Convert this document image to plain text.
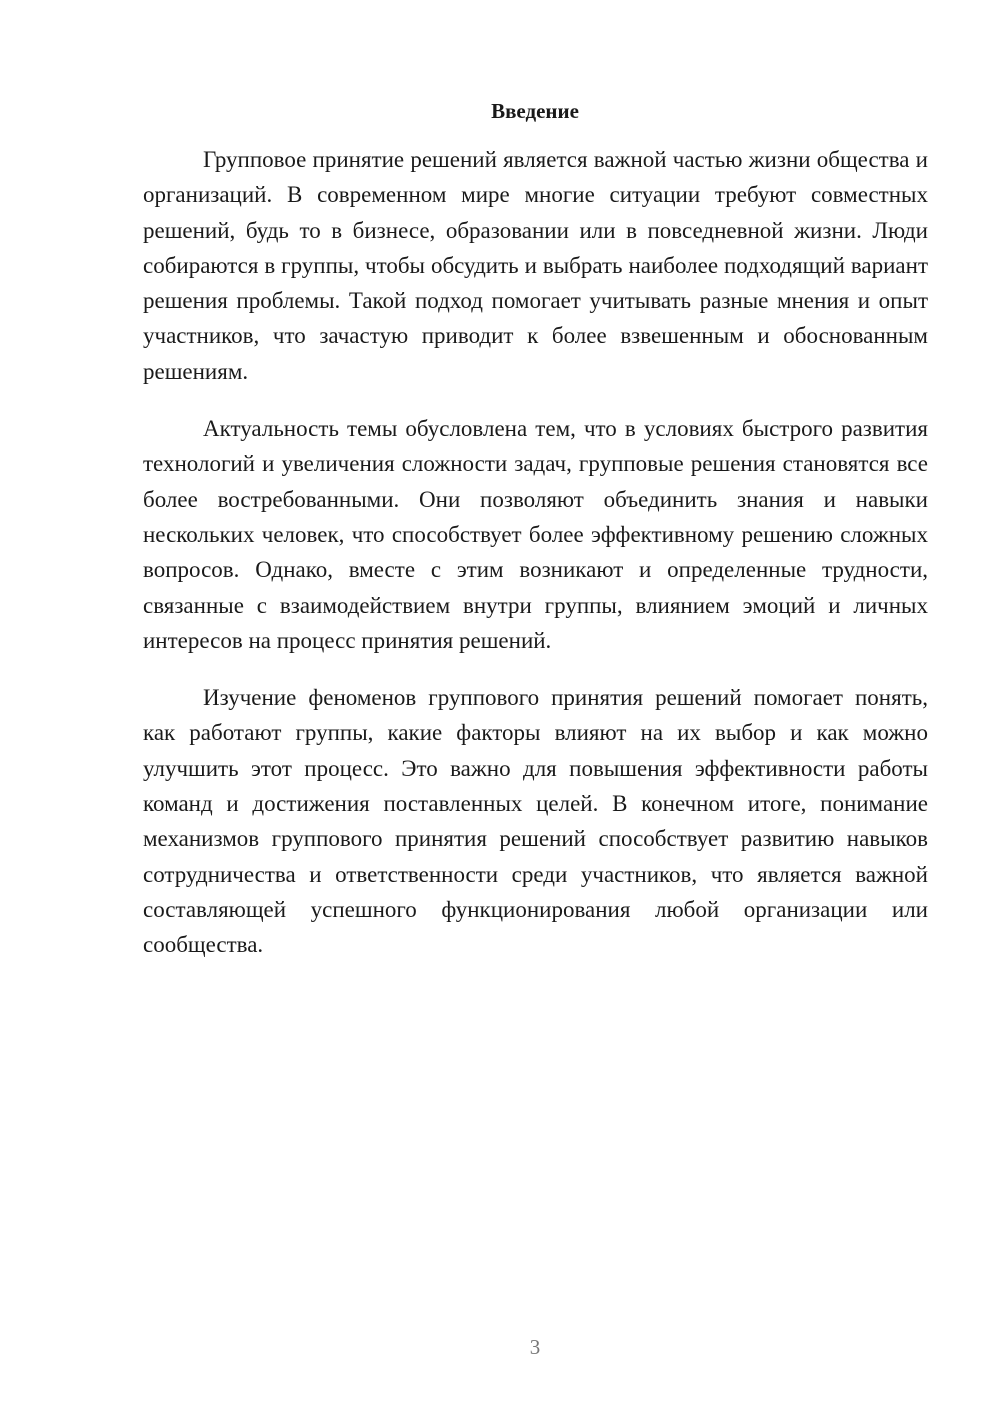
Введение

Групповое принятие решений является важной частью жизни общества и организаций. В современном мире многие ситуации требуют совместных решений, будь то в бизнесе, образовании или в повседневной жизни. Люди собираются в группы, чтобы обсудить и выбрать наиболее подходящий вариант решения проблемы. Такой подход помогает учитывать разные мнения и опыт участников, что зачастую приводит к более взвешенным и обоснованным решениям.

Актуальность темы обусловлена тем, что в условиях быстрого развития технологий и увеличения сложности задач, групповые решения становятся все более востребованными. Они позволяют объединить знания и навыки нескольких человек, что способствует более эффективному решению сложных вопросов. Однако, вместе с этим возникают и определенные трудности, связанные с взаимодействием внутри группы, влиянием эмоций и личных интересов на процесс принятия решений.

Изучение феноменов группового принятия решений помогает понять, как работают группы, какие факторы влияют на их выбор и как можно улучшить этот процесс. Это важно для повышения эффективности работы команд и достижения поставленных целей. В конечном итоге, понимание механизмов группового принятия решений способствует развитию навыков сотрудничества и ответственности среди участников, что является важной составляющей успешного функционирования любой организации или сообщества.

3
